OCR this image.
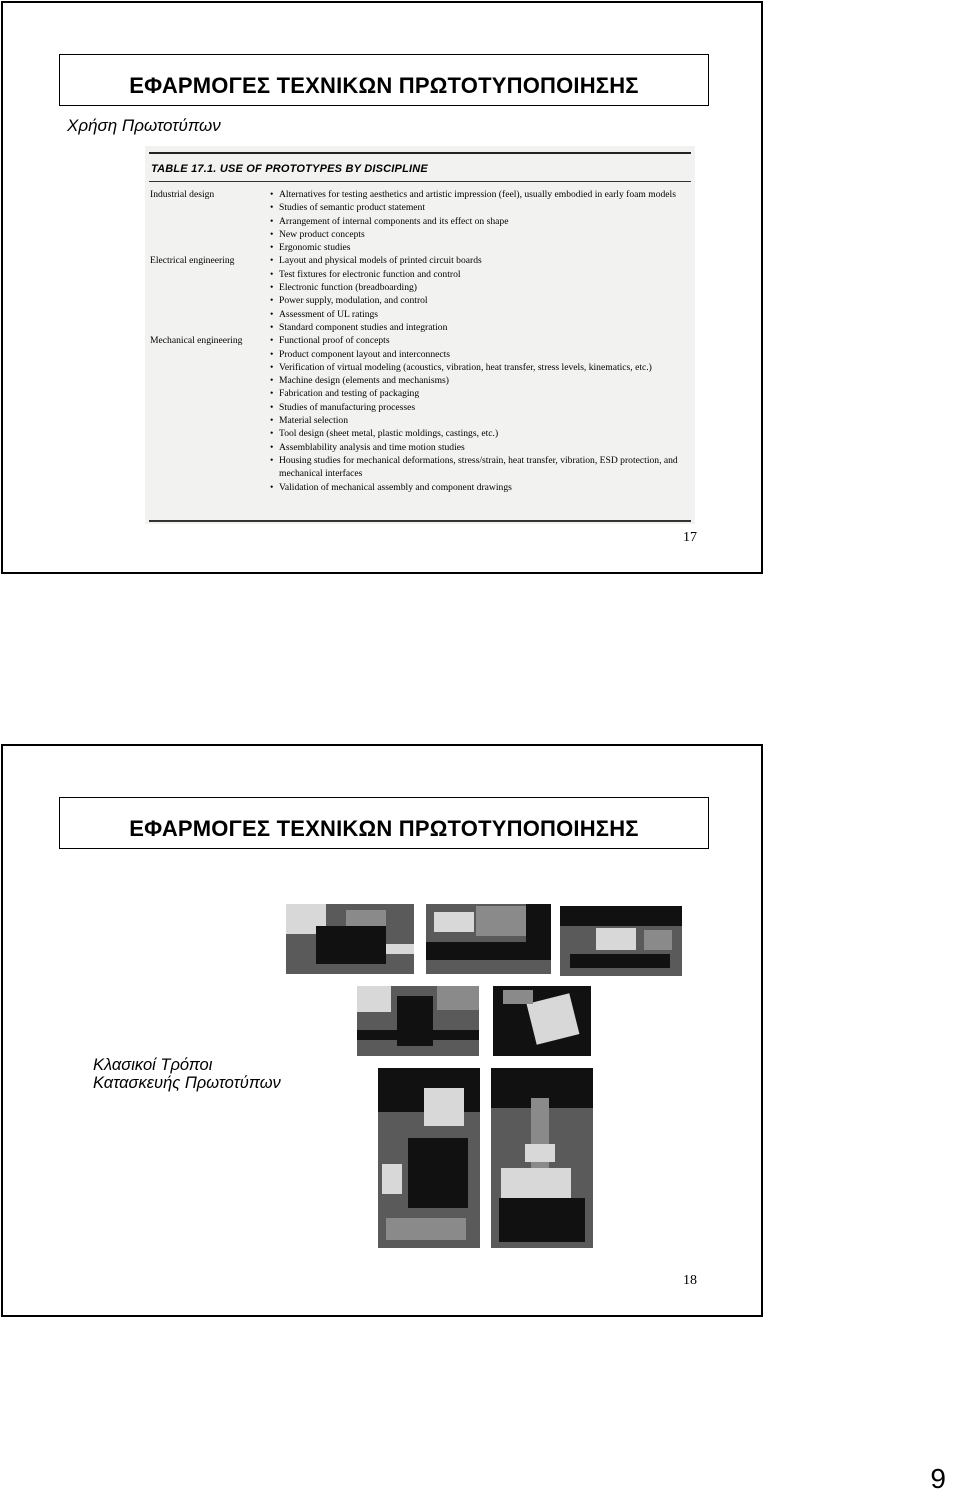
ΕΦΑΡΜΟΓΕΣ ΤΕΧΝΙΚΩΝ ΠΡΩΤΟΤΥΠΟΠΟΙΗΣΗΣ
Χρήση Πρωτοτύπων
TABLE 17.1. USE OF PROTOTYPES BY DISCIPLINE
Industrial design	• Alternatives for testing aesthetics and artistic impression (feel), usually embodied in early foam models
• Studies of semantic product statement
• Arrangement of internal components and its effect on shape
• New product concepts
• Ergonomic studies
Electrical engineering	• Layout and physical models of printed circuit boards
• Test fixtures for electronic function and control
• Electronic function (breadboarding)
• Power supply, modulation, and control
• Assessment of UL ratings
• Standard component studies and integration
Mechanical engineering	• Functional proof of concepts
• Product component layout and interconnects
• Verification of virtual modeling (acoustics, vibration, heat transfer, stress levels, kinematics, etc.)
• Machine design (elements and mechanisms)
• Fabrication and testing of packaging
• Studies of manufacturing processes
• Material selection
• Tool design (sheet metal, plastic moldings, castings, etc.)
• Assemblability analysis and time motion studies
• Housing studies for mechanical deformations, stress/strain, heat transfer, vibration, ESD protection, and mechanical interfaces
• Validation of mechanical assembly and component drawings
17
ΕΦΑΡΜΟΓΕΣ ΤΕΧΝΙΚΩΝ ΠΡΩΤΟΤΥΠΟΠΟΙΗΣΗΣ
Κλασικοί Τρόποι
Κατασκευής Πρωτοτύπων
18
9
